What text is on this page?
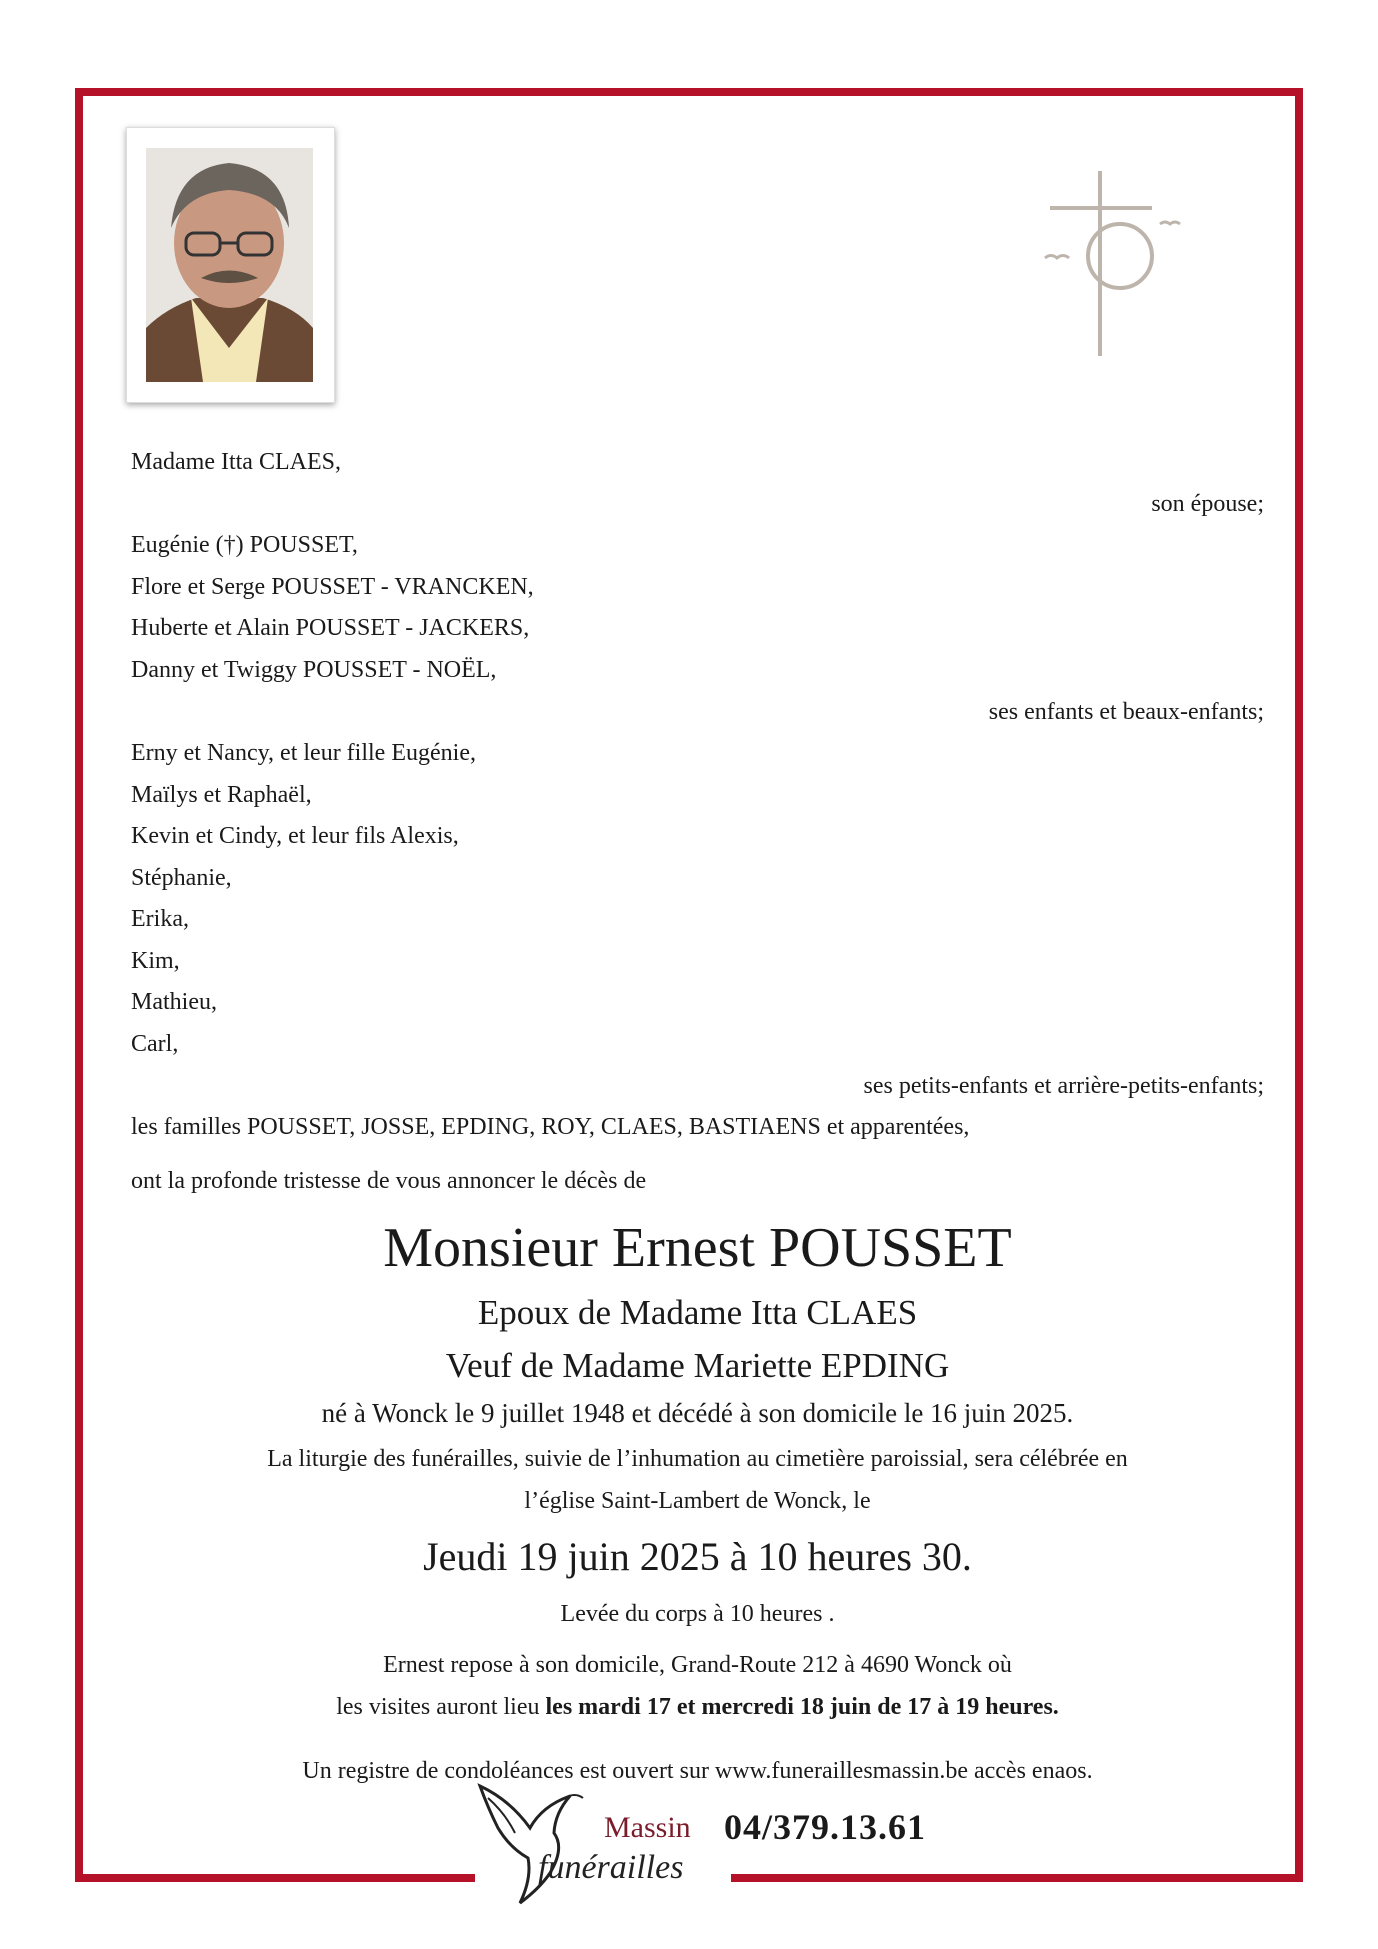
Madame Itta CLAES,
son épouse;
Eugénie (†) POUSSET,
Flore et Serge POUSSET - VRANCKEN,
Huberte et Alain POUSSET - JACKERS,
Danny et Twiggy POUSSET - NOËL,
ses enfants et beaux-enfants;
Erny et Nancy, et leur fille Eugénie,
Maïlys et Raphaël,
Kevin et Cindy, et leur fils Alexis,
Stéphanie,
Erika,
Kim,
Mathieu,
Carl,
ses petits-enfants et arrière-petits-enfants;
les familles POUSSET, JOSSE, EPDING, ROY, CLAES, BASTIAENS et apparentées,
ont la profonde tristesse de vous annoncer le décès de
Monsieur Ernest POUSSET
Epoux de Madame Itta CLAES
Veuf de Madame Mariette EPDING
né à Wonck le 9 juillet 1948 et décédé à son domicile le 16 juin 2025.
La liturgie des funérailles, suivie de l’inhumation au cimetière paroissial, sera célébrée en
l’église Saint-Lambert de Wonck, le
Jeudi 19 juin 2025 à 10 heures 30.
Levée du corps à 10 heures .
Ernest repose à son domicile, Grand-Route 212 à 4690 Wonck où
les visites auront lieu les mardi 17 et mercredi 18 juin de 17 à 19 heures.
Un registre de condoléances est ouvert sur www.funeraillesmassin.be accès enaos.
Massin
funérailles
04/379.13.61
